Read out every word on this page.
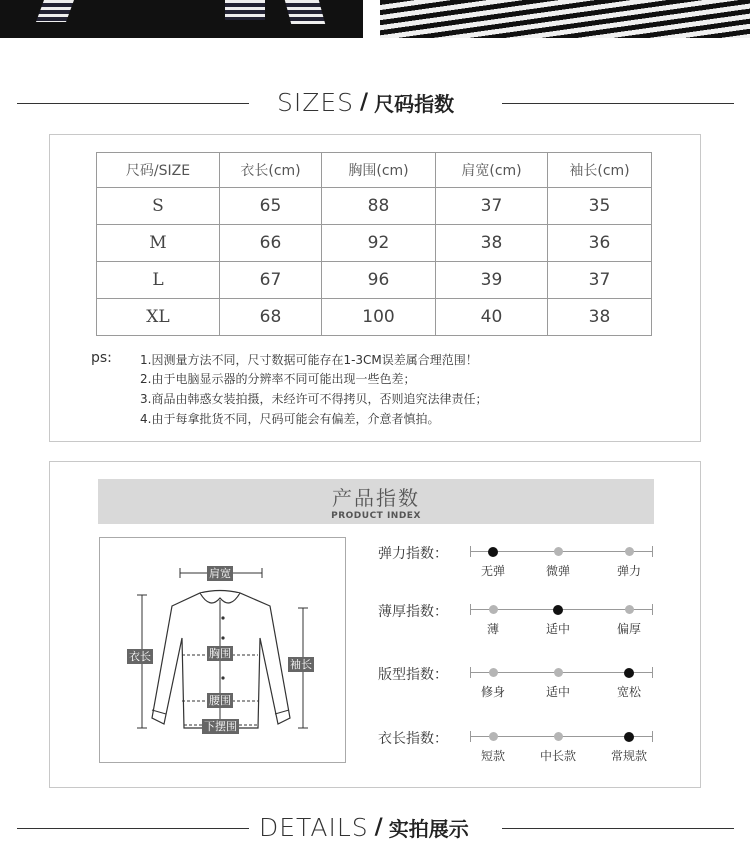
SIZES / 尺码指数
尺码/SIZE	衣长(cm)	胸围(cm)	肩宽(cm)	袖长(cm)
S	65	88	37	35
M	66	92	38	36
L	67	96	39	37
XL	68	100	40	38
ps: 1.因测量方法不同，尺寸数据可能存在1-3CM误差属合理范围！
2.由于电脑显示器的分辨率不同可能出现一些色差；
3.商品由韩惑女装拍摄，未经许可不得拷贝，否则追究法律责任；
4.由于每拿批货不同，尺码可能会有偏差，介意者慎拍。
产品指数
PRODUCT INDEX
肩宽
衣长	胸围
袖长
腰围
下摆围
弹力指数：
薄厚指数：
版型指数：
衣长指数：
无弹	微弹	弹力
薄	适中	偏厚
修身	适中	宽松
短款	中长款	常规款
DETAILS / 实拍展示
